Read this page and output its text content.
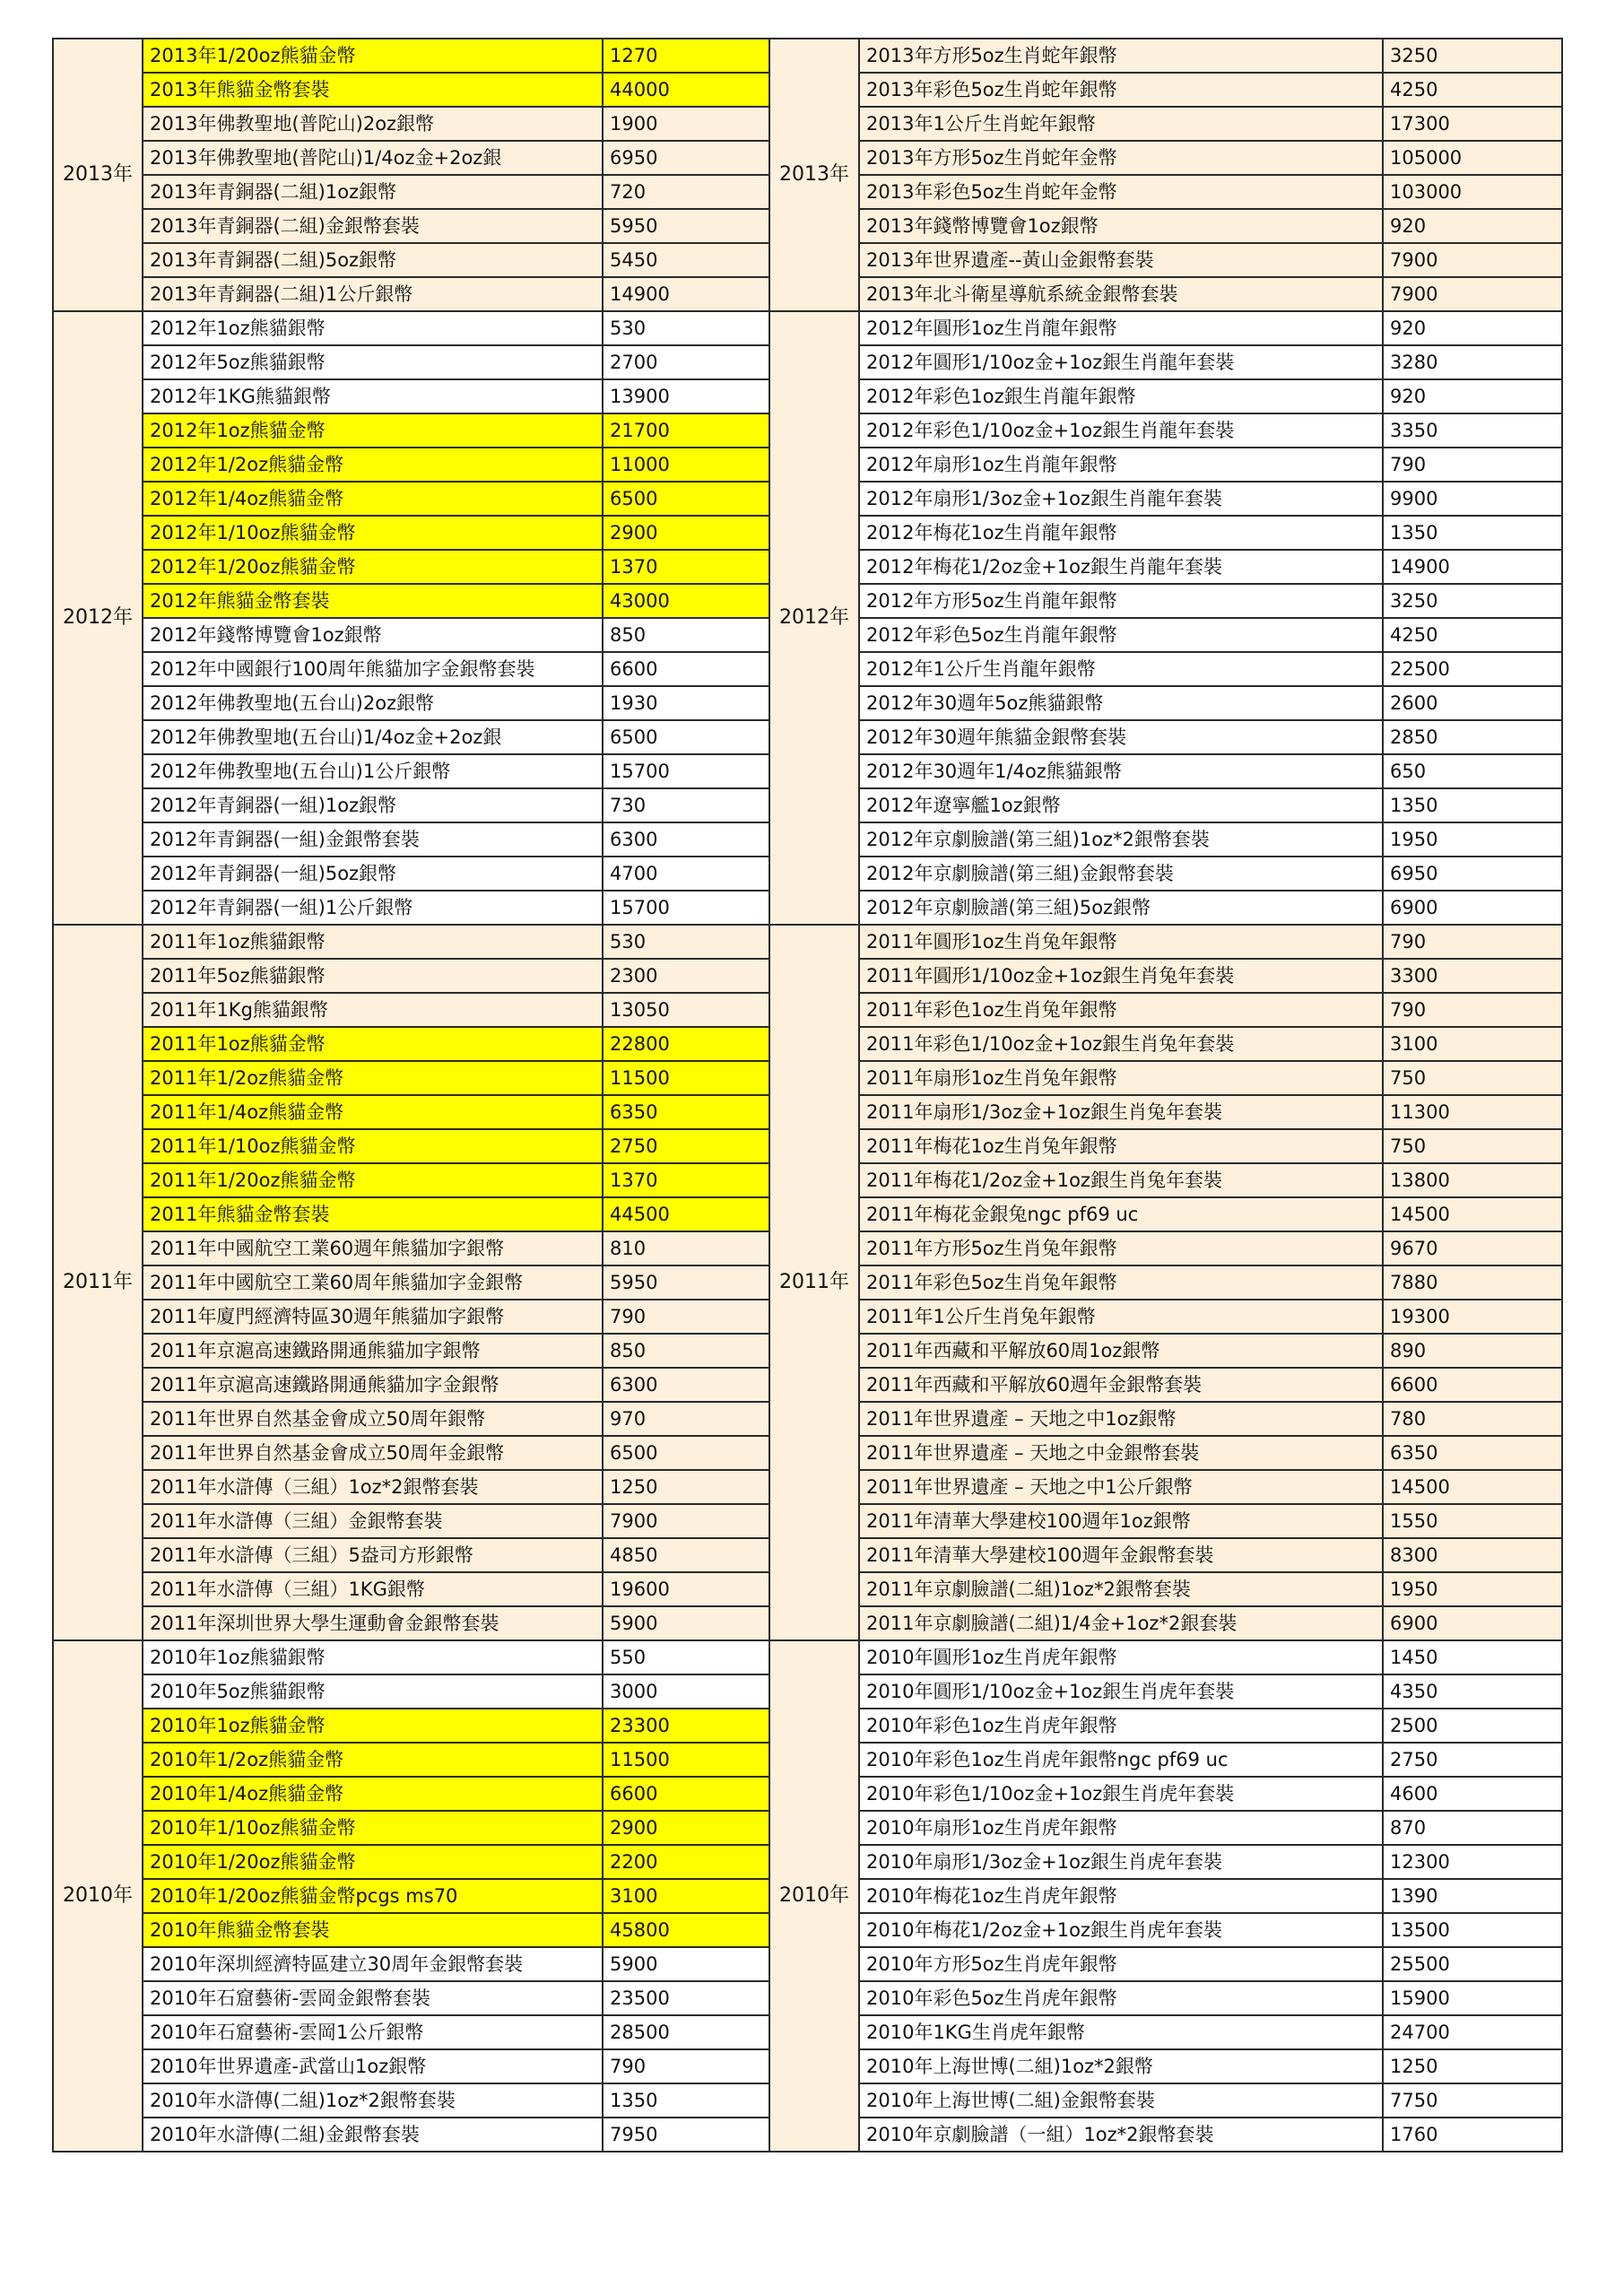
2013年	2013年1/20oz熊貓金幣	1270
	2013年熊貓金幣套裝	44000
	2013年佛教聖地(普陀山)2oz銀幣	1900
	2013年佛教聖地(普陀山)1/4oz金+2oz銀	6950
	2013年青銅器(二組)1oz銀幣	720
	2013年青銅器(二組)金銀幣套裝	5950
	2013年青銅器(二組)5oz銀幣	5450
	2013年青銅器(二組)1公斤銀幣	14900
2012年	2012年1oz熊貓銀幣	530
	2012年5oz熊貓銀幣	2700
	2012年1KG熊貓銀幣	13900
	2012年1oz熊貓金幣	21700
	2012年1/2oz熊貓金幣	11000
	2012年1/4oz熊貓金幣	6500
	2012年1/10oz熊貓金幣	2900
	2012年1/20oz熊貓金幣	1370
	2012年熊貓金幣套裝	43000
	2012年錢幣博覽會1oz銀幣	850
	2012年中國銀行100周年熊貓加字金銀幣套裝	6600
	2012年佛教聖地(五台山)2oz銀幣	1930
	2012年佛教聖地(五台山)1/4oz金+2oz銀	6500
	2012年佛教聖地(五台山)1公斤銀幣	15700
	2012年青銅器(一組)1oz銀幣	730
	2012年青銅器(一組)金銀幣套裝	6300
	2012年青銅器(一組)5oz銀幣	4700
	2012年青銅器(一組)1公斤銀幣	15700
2011年	2011年1oz熊貓銀幣	530
	2011年5oz熊貓銀幣	2300
	2011年1Kg熊貓銀幣	13050
	2011年1oz熊貓金幣	22800
	2011年1/2oz熊貓金幣	11500
	2011年1/4oz熊貓金幣	6350
	2011年1/10oz熊貓金幣	2750
	2011年1/20oz熊貓金幣	1370
	2011年熊貓金幣套裝	44500
	2011年中國航空工業60週年熊貓加字銀幣	810
	2011年中國航空工業60周年熊貓加字金銀幣	5950
	2011年廈門經濟特區30週年熊貓加字銀幣	790
	2011年京滬高速鐵路開通熊貓加字銀幣	850
	2011年京滬高速鐵路開通熊貓加字金銀幣	6300
	2011年世界自然基金會成立50周年銀幣	970
	2011年世界自然基金會成立50周年金銀幣	6500
	2011年水滸傳（三組）1oz*2銀幣套裝	1250
	2011年水滸傳（三組）金銀幣套裝	7900
	2011年水滸傳（三組）5盎司方形銀幣	4850
	2011年水滸傳（三組）1KG銀幣	19600
	2011年深圳世界大學生運動會金銀幣套裝	5900
2010年	2010年1oz熊貓銀幣	550
	2010年5oz熊貓銀幣	3000
	2010年1oz熊貓金幣	23300
	2010年1/2oz熊貓金幣	11500
	2010年1/4oz熊貓金幣	6600
	2010年1/10oz熊貓金幣	2900
	2010年1/20oz熊貓金幣	2200
	2010年1/20oz熊貓金幣pcgs ms70	3100
	2010年熊貓金幣套裝	45800
	2010年深圳經濟特區建立30周年金銀幣套裝	5900
	2010年石窟藝術-雲岡金銀幣套裝	23500
	2010年石窟藝術-雲岡1公斤銀幣	28500
	2010年世界遺產-武當山1oz銀幣	790
	2010年水滸傳(二組)1oz*2銀幣套裝	1350
	2010年水滸傳(二組)金銀幣套裝	7950
2013年	2013年方形5oz生肖蛇年銀幣	3250
	2013年彩色5oz生肖蛇年銀幣	4250
	2013年1公斤生肖蛇年銀幣	17300
	2013年方形5oz生肖蛇年金幣	105000
	2013年彩色5oz生肖蛇年金幣	103000
	2013年錢幣博覽會1oz銀幣	920
	2013年世界遺產--黃山金銀幣套裝	7900
	2013年北斗衛星導航系統金銀幣套裝	7900
2012年	2012年圓形1oz生肖龍年銀幣	920
	2012年圓形1/10oz金+1oz銀生肖龍年套裝	3280
	2012年彩色1oz銀生肖龍年銀幣	920
	2012年彩色1/10oz金+1oz銀生肖龍年套裝	3350
	2012年扇形1oz生肖龍年銀幣	790
	2012年扇形1/3oz金+1oz銀生肖龍年套裝	9900
	2012年梅花1oz生肖龍年銀幣	1350
	2012年梅花1/2oz金+1oz銀生肖龍年套裝	14900
	2012年方形5oz生肖龍年銀幣	3250
	2012年彩色5oz生肖龍年銀幣	4250
	2012年1公斤生肖龍年銀幣	22500
	2012年30週年5oz熊貓銀幣	2600
	2012年30週年熊貓金銀幣套裝	2850
	2012年30週年1/4oz熊貓銀幣	650
	2012年遼寧艦1oz銀幣	1350
	2012年京劇臉譜(第三組)1oz*2銀幣套裝	1950
	2012年京劇臉譜(第三組)金銀幣套裝	6950
	2012年京劇臉譜(第三組)5oz銀幣	6900
2011年	2011年圓形1oz生肖兔年銀幣	790
	2011年圓形1/10oz金+1oz銀生肖兔年套裝	3300
	2011年彩色1oz生肖兔年銀幣	790
	2011年彩色1/10oz金+1oz銀生肖兔年套裝	3100
	2011年扇形1oz生肖兔年銀幣	750
	2011年扇形1/3oz金+1oz銀生肖兔年套裝	11300
	2011年梅花1oz生肖兔年銀幣	750
	2011年梅花1/2oz金+1oz銀生肖兔年套裝	13800
	2011年梅花金銀兔ngc pf69 uc	14500
	2011年方形5oz生肖兔年銀幣	9670
	2011年彩色5oz生肖兔年銀幣	7880
	2011年1公斤生肖兔年銀幣	19300
	2011年西藏和平解放60周1oz銀幣	890
	2011年西藏和平解放60週年金銀幣套裝	6600
	2011年世界遺產 – 天地之中1oz銀幣	780
	2011年世界遺產 – 天地之中金銀幣套裝	6350
	2011年世界遺產 – 天地之中1公斤銀幣	14500
	2011年清華大學建校100週年1oz銀幣	1550
	2011年清華大學建校100週年金銀幣套裝	8300
	2011年京劇臉譜(二組)1oz*2銀幣套裝	1950
	2011年京劇臉譜(二組)1/4金+1oz*2銀套裝	6900
2010年	2010年圓形1oz生肖虎年銀幣	1450
	2010年圓形1/10oz金+1oz銀生肖虎年套裝	4350
	2010年彩色1oz生肖虎年銀幣	2500
	2010年彩色1oz生肖虎年銀幣ngc pf69 uc	2750
	2010年彩色1/10oz金+1oz銀生肖虎年套裝	4600
	2010年扇形1oz生肖虎年銀幣	870
	2010年扇形1/3oz金+1oz銀生肖虎年套裝	12300
	2010年梅花1oz生肖虎年銀幣	1390
	2010年梅花1/2oz金+1oz銀生肖虎年套裝	13500
	2010年方形5oz生肖虎年銀幣	25500
	2010年彩色5oz生肖虎年銀幣	15900
	2010年1KG生肖虎年銀幣	24700
	2010年上海世博(二組)1oz*2銀幣	1250
	2010年上海世博(二組)金銀幣套裝	7750
	2010年京劇臉譜（一組）1oz*2銀幣套裝	1760
